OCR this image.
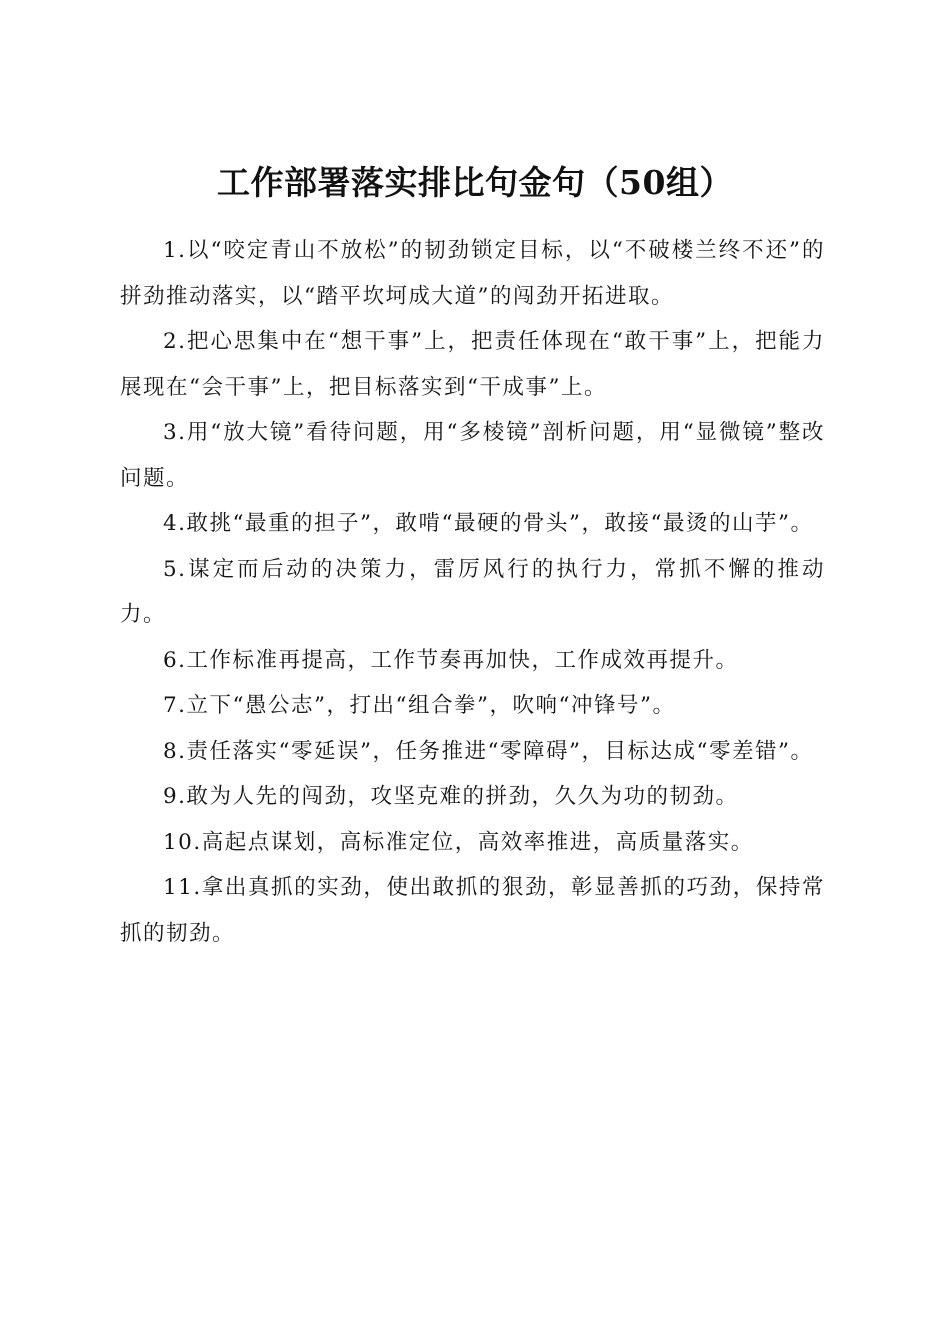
工作部署落实排比句金句（50组）

1.以“咬定青山不放松”的韧劲锁定目标，以“不破楼兰终不还”的拼劲推动落实，以“踏平坎坷成大道”的闯劲开拓进取。

2.把心思集中在“想干事”上，把责任体现在“敢干事”上，把能力展现在“会干事”上，把目标落实到“干成事”上。

3.用“放大镜”看待问题，用“多棱镜”剖析问题，用“显微镜”整改问题。

4.敢挑“最重的担子”，敢啃“最硬的骨头”，敢接“最烫的山芋”。

5.谋定而后动的决策力，雷厉风行的执行力，常抓不懈的推动力。

6.工作标准再提高，工作节奏再加快，工作成效再提升。

7.立下“愚公志”，打出“组合拳”，吹响“冲锋号”。

8.责任落实“零延误”，任务推进“零障碍”，目标达成“零差错”。

9.敢为人先的闯劲，攻坚克难的拼劲，久久为功的韧劲。

10.高起点谋划，高标准定位，高效率推进，高质量落实。

11.拿出真抓的实劲，使出敢抓的狠劲，彰显善抓的巧劲，保持常抓的韧劲。
